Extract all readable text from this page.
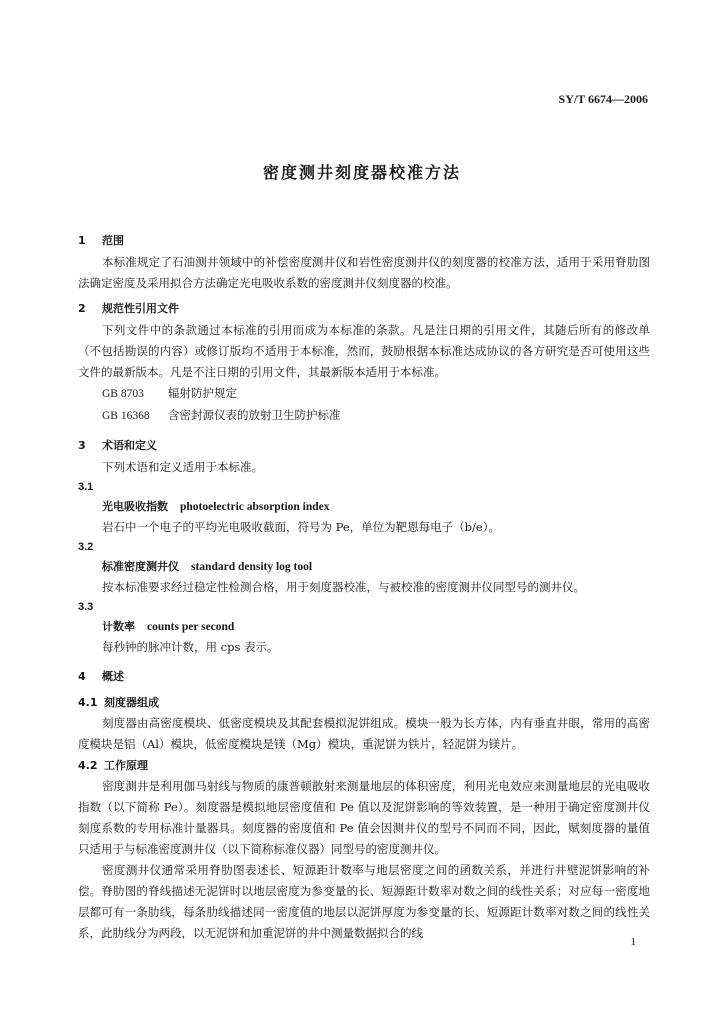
SY/T 6674—2006
密度测井刻度器校准方法
1 范围

本标准规定了石油测井领域中的补偿密度测井仪和岩性密度测井仪的刻度器的校准方法，适用于采用脊肋图法确定密度及采用拟合方法确定光电吸收系数的密度测井仪刻度器的校准。

2 规范性引用文件

下列文件中的条款通过本标准的引用而成为本标准的条款。凡是注日期的引用文件，其随后所有的修改单（不包括勘误的内容）或修订版均不适用于本标准，然而，鼓励根据本标准达成协议的各方研究是否可使用这些文件的最新版本。凡是不注日期的引用文件，其最新版本适用于本标准。

GB 8703 辐射防护规定

GB 16368 含密封源仪表的放射卫生防护标准

3 术语和定义

下列术语和定义适用于本标准。

3.1

光电吸收指数 photoelectric absorption index

岩石中一个电子的平均光电吸收截面，符号为 Pe，单位为靶恩每电子（b/e）。

3.2

标准密度测井仪 standard density log tool

按本标准要求经过稳定性检测合格，用于刻度器校准，与被校准的密度测井仪同型号的测井仪。

3.3

计数率 counts per second

每秒钟的脉冲计数，用 cps 表示。

4 概述
4.1 刻度器组成

刻度器由高密度模块、低密度模块及其配套模拟泥饼组成。模块一般为长方体，内有垂直井眼，常用的高密度模块是铝（Al）模块，低密度模块是镁（Mg）模块，重泥饼为铁片，轻泥饼为镁片。

4.2 工作原理

密度测井是利用伽马射线与物质的康普顿散射来测量地层的体积密度，利用光电效应来测量地层的光电吸收指数（以下简称 Pe）。刻度器是模拟地层密度值和 Pe 值以及泥饼影响的等效装置，是一种用于确定密度测井仪刻度系数的专用标准计量器具。刻度器的密度值和 Pe 值会因测井仪的型号不同而不同，因此，赋刻度器的量值只适用于与标准密度测井仪（以下简称标准仪器）同型号的密度测井仪。

密度测井仪通常采用脊肋图表述长、短源距计数率与地层密度之间的函数关系，并进行井壁泥饼影响的补偿。脊肋图的脊线描述无泥饼时以地层密度为参变量的长、短源距计数率对数之间的线性关系；对应每一密度地层都可有一条肋线，每条肋线描述同一密度值的地层以泥饼厚度为参变量的长、短源距计数率对数之间的线性关系，此肋线分为两段，以无泥饼和加重泥饼的井中测量数据拟合的线

1
